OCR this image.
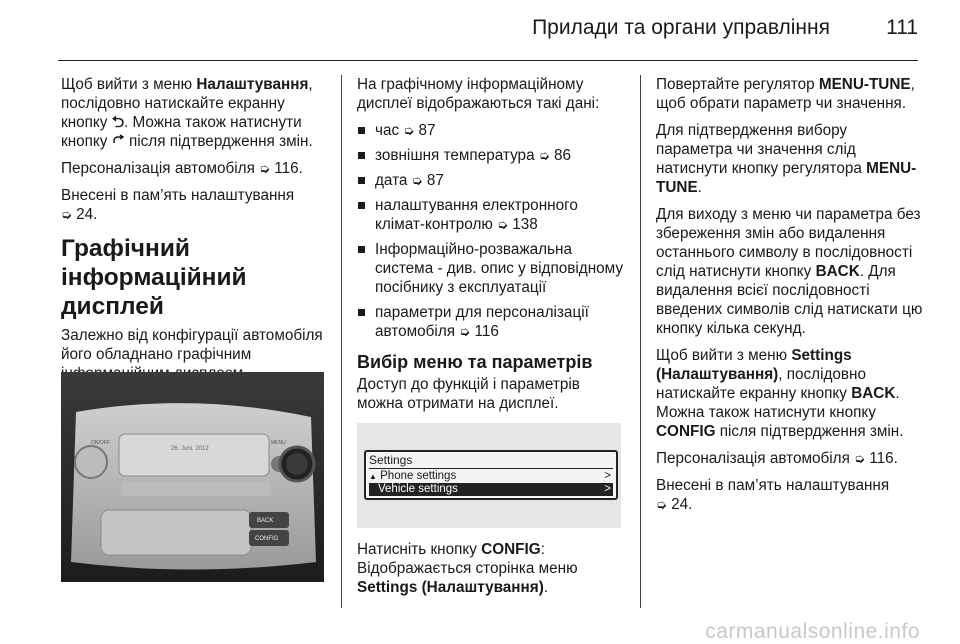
Прилади та органи управління	111

Щоб вийти з меню Налаштування, послідовно натискайте екранну кнопку ⮌. Можна також натиснути кнопку  після підтвердження змін.

Персоналізація автомобіля ➭ 116.

Внесені в пам’ять налаштування
➭ 24.

Графічний інформаційний дисплей

Залежно від конфігурації автомобіля його обладнано графічним

ON/OFF
26. Juni. 2012
MENU
BACK
CONFIG

На графічному інформаційному дисплеї відображаються такі дані:

час ➭ 87
зовнішня температура ➭ 86
дата ➭ 87
налаштування електронного клімат-контролю ➭ 138
Інформаційно-розважальна система - див. опис у відповідному посібнику з експлуатації
параметри для персоналізації автомобіля ➭ 116
Вибір меню та параметрів

Доступ до функцій і параметрів можна отримати на дисплеї.

Settings
▲ Phone settings	>
Vehicle settings	>

Натисніть кнопку CONFIG:
Відображається сторінка меню Settings (Налаштування).

Повертайте регулятор MENU-TUNE, щоб обрати параметр чи значення.

Для підтвердження вибору параметра чи значення слід натиснути кнопку регулятора MENU-TUNE.

Для виходу з меню чи параметра без збереження змін або видалення останнього символу в послідовності слід натиснути кнопку BACK. Для видалення всієї послідовності введених символів слід натискати цю кнопку кілька секунд.

Щоб вийти з меню Settings (Налаштування), послідовно натискайте екранну кнопку BACK. Можна також натиснути кнопку CONFIG після підтвердження змін.

Персоналізація автомобіля ➭ 116.

Внесені в пам’ять налаштування
➭ 24.

carmanualsonline.info
